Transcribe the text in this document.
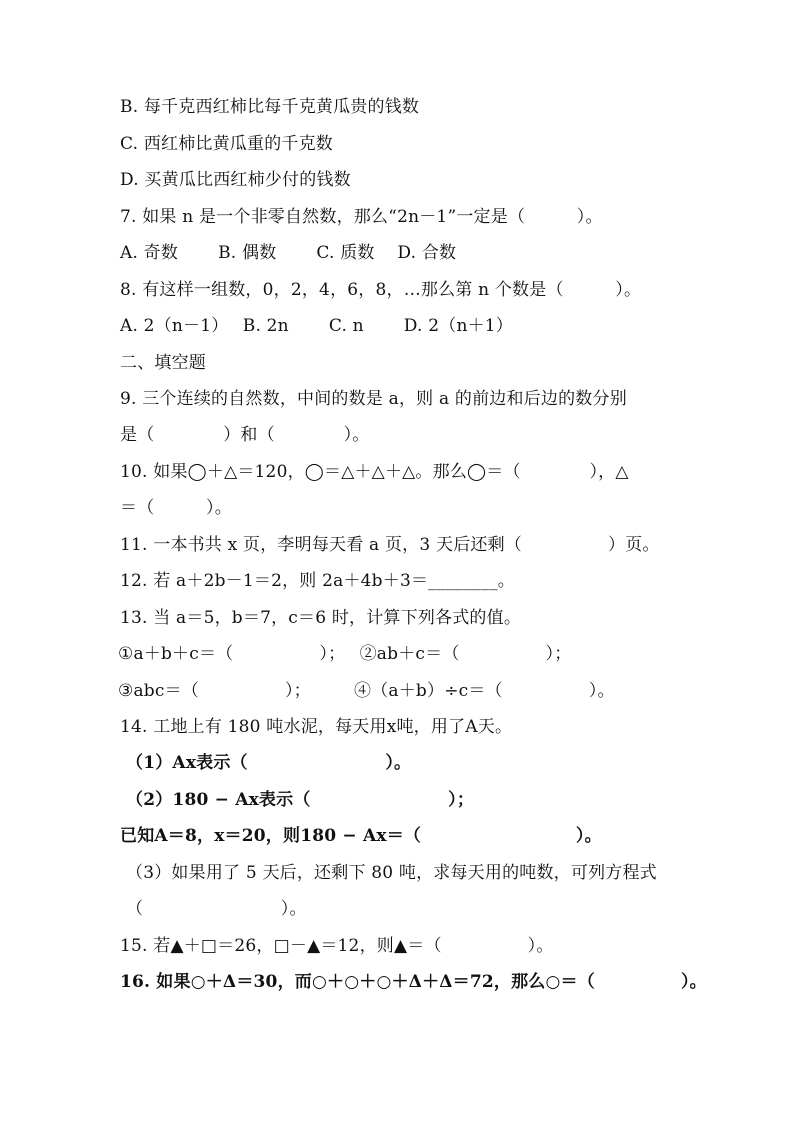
B. 每千克西红柿比每千克黄瓜贵的钱数
C. 西红柿比黄瓜重的千克数
D. 买黄瓜比西红柿少付的钱数
7. 如果 n 是一个非零自然数，那么“2n－1”一定是（　　　）。
A. 奇数　　 B. 偶数　　 C. 质数　 D. 合数
8. 有这样一组数，0，2，4，6，8，…那么第 n 个数是（　　　）。
A. 2（n－1）　 B. 2n　　 C. n　　 D. 2（n＋1）
二、填空题
9. 三个连续的自然数，中间的数是 a，则 a 的前边和后边的数分别
是（　　　　）和（　　　　）。
10. 如果◯＋△＝120，◯＝△＋△＋△。那么◯＝（　　　　），△
＝（　　　）。
11. 一本书共 x 页，李明每天看 a 页，3 天后还剩（　　　　　）页。
12. 若 a＋2b－1＝2，则 2a＋4b＋3＝________。
13. 当 a＝5，b＝7，c＝6 时，计算下列各式的值。
①a＋b＋c＝（　　　　　）；　 ②ab＋c＝（　　　　　）；
③abc＝（　　　　　）；　　　④（a＋b）÷c＝（　　　　　）。
14. 工地上有 180 吨水泥，每天用x吨，用了A天。
（1）Ax表示（　　　　　　　　）。
（2）180 − Ax表示（　　　　　　　　）；
已知A＝8，x＝20，则180 − Ax＝（　　　　　　　　　）。
（3）如果用了 5 天后，还剩下 80 吨，求每天用的吨数，可列方程式
（　　　　　　　　）。
15. 若▲＋□＝26，□－▲＝12，则▲＝（　　　　　）。
16. 如果○＋Δ＝30，而○＋○＋○＋Δ＋Δ＝72，那么○＝（　　　　　）。
